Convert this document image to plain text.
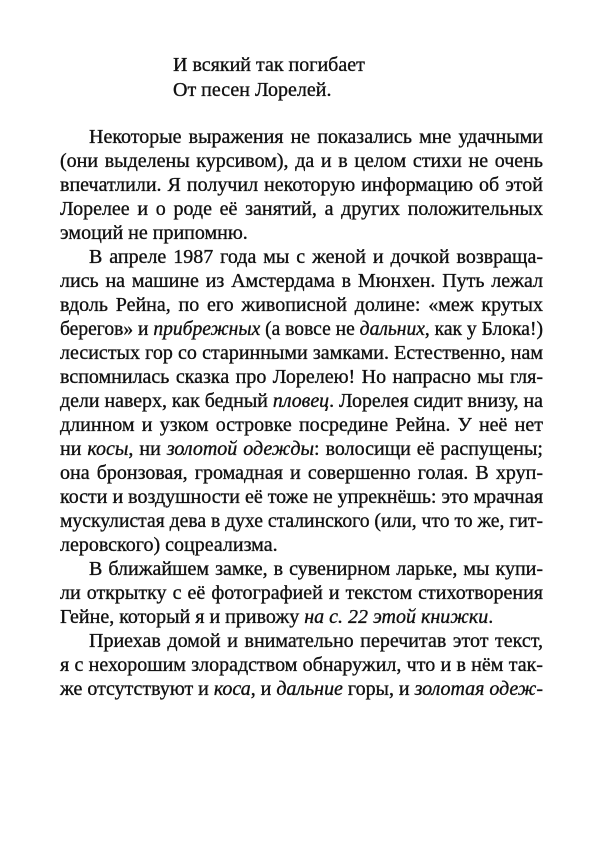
И всякий так погибает
От песен Лорелей.
Некоторые выражения не показались мне удачными
(они выделены курсивом), да и в целом стихи не очень
впечатлили. Я получил некоторую информацию об этой
Лорелее и о роде её занятий, а других положительных
эмоций не припомню.
В апреле 1987 года мы с женой и дочкой возвраща-
лись на машине из Амстердама в Мюнхен. Путь лежал
вдоль Рейна, по его живописной долине: «меж крутых
берегов» и прибрежных (а вовсе не дальних, как у Блока!)
лесистых гор со старинными замками. Естественно, нам
вспомнилась сказка про Лорелею! Но напрасно мы гля-
дели наверх, как бедный пловец. Лорелея сидит внизу, на
длинном и узком островке посредине Рейна. У неё нет
ни косы, ни золотой одежды: волосищи её распущены;
она бронзовая, громадная и совершенно голая. В хруп-
кости и воздушности её тоже не упрекнёшь: это мрачная
мускулистая дева в духе сталинского (или, что то же, гит-
леровского) соцреализма.
В ближайшем замке, в сувенирном ларьке, мы купи-
ли открытку с её фотографией и текстом стихотворения
Гейне, который я и привожу на с. 22 этой книжки.
Приехав домой и внимательно перечитав этот текст,
я с нехорошим злорадством обнаружил, что и в нём так-
же отсутствуют и коса, и дальние горы, и золотая одеж-
